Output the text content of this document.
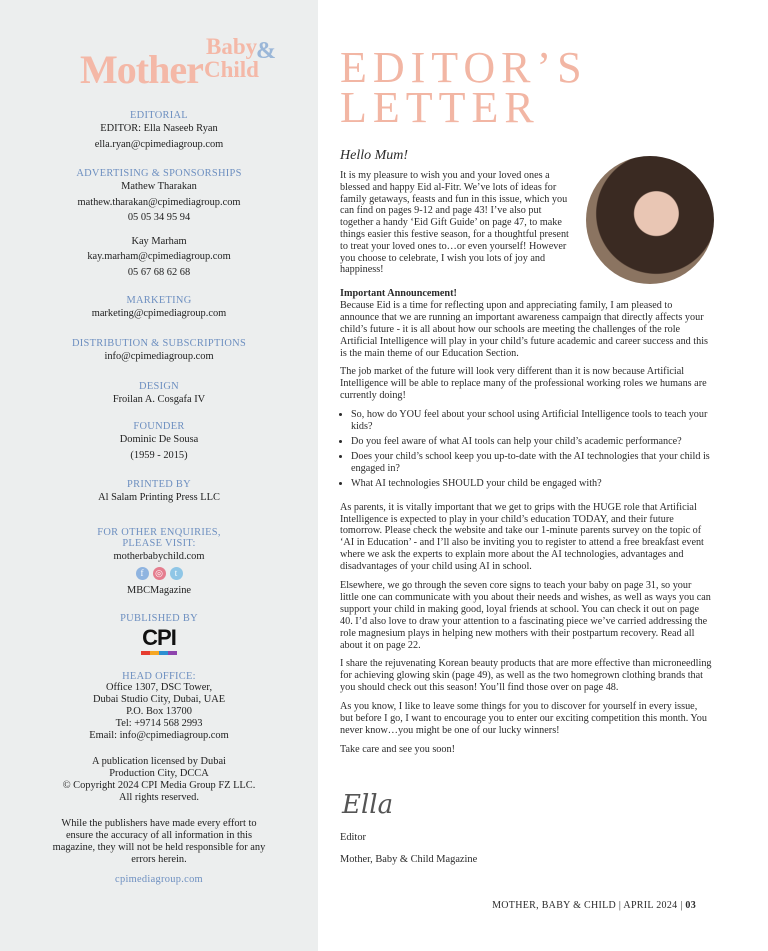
Mother
Baby
Child
&
EDITORIAL
EDITOR: Ella Naseeb Ryan
ella.ryan@cpimediagroup.com
ADVERTISING & SPONSORSHIPS
Mathew Tharakan
mathew.tharakan@cpimediagroup.com
05 05 34 95 94
Kay Marham
kay.marham@cpimediagroup.com
05 67 68 62 68
MARKETING
marketing@cpimediagroup.com
DISTRIBUTION & SUBSCRIPTIONS
info@cpimediagroup.com
DESIGN
Froilan A. Cosgafa IV
FOUNDER
Dominic De Sousa
(1959 - 2015)
PRINTED BY
Al Salam Printing Press LLC
FOR OTHER ENQUIRIES,
PLEASE VISIT:
motherbabychild.com
f	◎	t
MBCMagazine
PUBLISHED BY
CPI
HEAD OFFICE:
Office 1307, DSC Tower,
Dubai Studio City, Dubai, UAE
P.O. Box 13700
Tel: +9714 568 2993
Email: info@cpimediagroup.com
A publication licensed by Dubai
Production City, DCCA
© Copyright 2024 CPI Media Group FZ LLC.
All rights reserved.
While the publishers have made every effort to
ensure the accuracy of all information in this
magazine, they will not be held responsible for any
errors herein.
cpimediagroup.com
EDITOR’S
LETTER
Hello Mum!
It is my pleasure to wish you and your loved ones a blessed and happy Eid al-Fitr. We’ve lots of ideas for family getaways, feasts and fun in this issue, which you can find on pages 9-12 and page 43! I’ve also put together a handy ‘Eid Gift Guide’ on page 47, to make things easier this festive season, for a thoughtful present to treat your loved ones to…or even yourself! However you choose to celebrate, I wish you lots of joy and happiness!

Important Announcement!

Because Eid is a time for reflecting upon and appreciating family, I am pleased to announce that we are running an important awareness campaign that directly affects your child’s future - it is all about how our schools are meeting the challenges of the role Artificial Intelligence will play in your child’s future academic and career success and this is the main theme of our Education Section.

The job market of the future will look very different than it is now because Artificial Intelligence will be able to replace many of the professional working roles we humans are currently doing!

• So, how do YOU feel about your school using Artificial Intelligence tools to teach your kids?
• Do you feel aware of what AI tools can help your child’s academic performance?
• Does your child’s school keep you up-to-date with the AI technologies that your child is engaged in?
• What AI technologies SHOULD your child be engaged with?

As parents, it is vitally important that we get to grips with the HUGE role that Artificial Intelligence is expected to play in your child’s education TODAY, and their future tomorrow. Please check the website and take our 1-minute parents survey on the topic of ‘AI in Education’ - and I’ll also be inviting you to register to attend a free breakfast event where we ask the experts to explain more about the AI technologies, advantages and disadvantages of your child using AI in school.

Elsewhere, we go through the seven core signs to teach your baby on page 31, so your little one can communicate with you about their needs and wishes, as well as ways you can support your child in making good, loyal friends at school. You can check it out on page 40. I’d also love to draw your attention to a fascinating piece we’ve carried addressing the role magnesium plays in helping new mothers with their postpartum recovery. Read all about it on page 22.

I share the rejuvenating Korean beauty products that are more effective than microneedling for achieving glowing skin (page 49), as well as the two homegrown clothing brands that you should check out this season! You’ll find those over on page 48.

As you know, I like to leave some things for you to discover for yourself in every issue, but before I go, I want to encourage you to enter our exciting competition this month. You never know…you might be one of our lucky winners!

Take care and see you soon!

Ella
Editor
Mother, Baby & Child Magazine
MOTHER, BABY & CHILD | APRIL 2024 | 03
